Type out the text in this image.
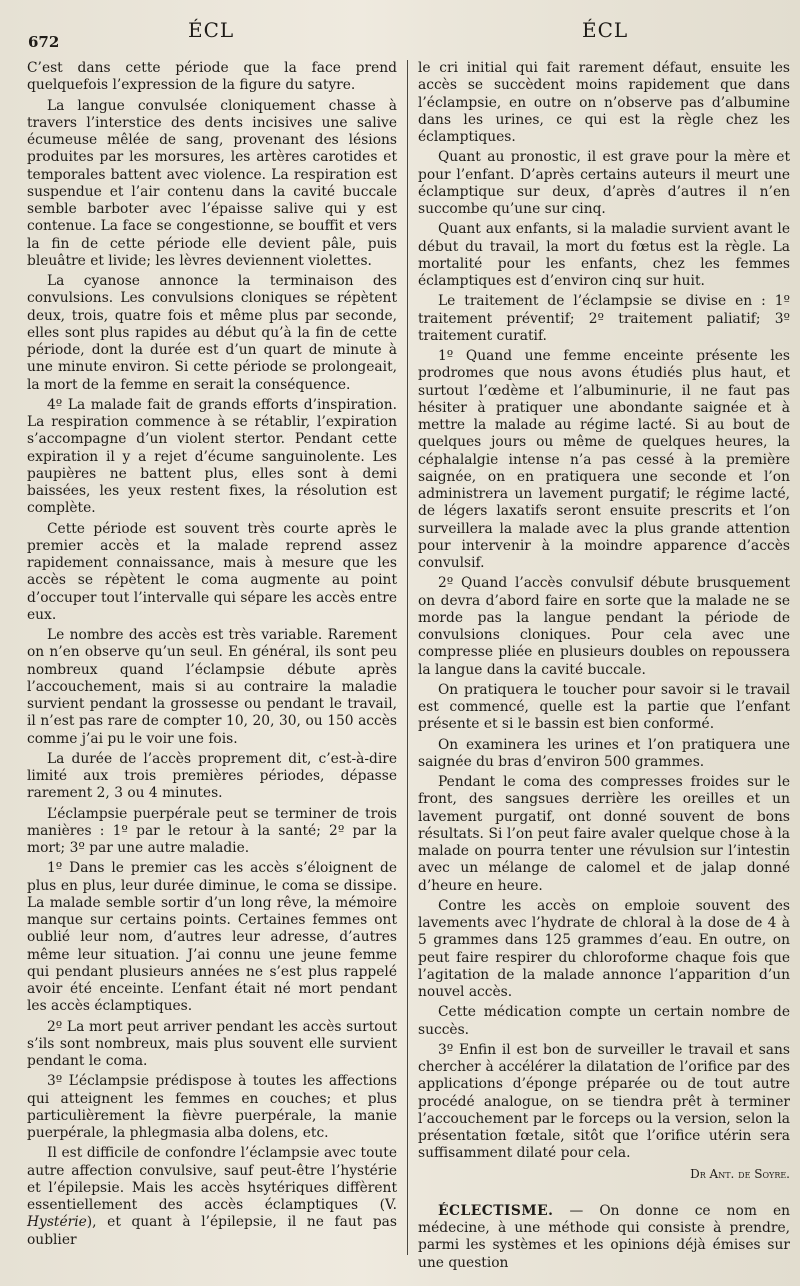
672	ÉCL	ÉCL

C’est dans cette période que la face prend quelquefois l’expression de la figure du satyre.

La langue convulsée cloniquement chasse à travers l’interstice des dents incisives une salive écumeuse mêlée de sang, provenant des lésions produites par les morsures, les artères carotides et temporales battent avec violence. La respiration est suspendue et l’air contenu dans la cavité buccale semble barboter avec l’épaisse salive qui y est contenue. La face se congestionne, se bouffit et vers la fin de cette période elle devient pâle, puis bleuâtre et livide; les lèvres deviennent violettes.

La cyanose annonce la terminaison des convulsions. Les convulsions cloniques se répètent deux, trois, quatre fois et même plus par seconde, elles sont plus rapides au début qu’à la fin de cette période, dont la durée est d’un quart de minute à une minute environ. Si cette période se prolongeait, la mort de la femme en serait la conséquence.

4º La malade fait de grands efforts d’inspiration. La respiration commence à se rétablir, l’expiration s’accompagne d’un violent stertor. Pendant cette expiration il y a rejet d’écume sanguinolente. Les paupières ne battent plus, elles sont à demi baissées, les yeux restent fixes, la résolution est complète.

Cette période est souvent très courte après le premier accès et la malade reprend assez rapidement connaissance, mais à mesure que les accès se répètent le coma augmente au point d’occuper tout l’intervalle qui sépare les accès entre eux.

Le nombre des accès est très variable. Rarement on n’en observe qu’un seul. En général, ils sont peu nombreux quand l’éclampsie débute après l’accouchement, mais si au contraire la maladie survient pendant la grossesse ou pendant le travail, il n’est pas rare de compter 10, 20, 30, ou 150 accès comme j’ai pu le voir une fois.

La durée de l’accès proprement dit, c’est-à-dire limité aux trois premières périodes, dépasse rarement 2, 3 ou 4 minutes.

L’éclampsie puerpérale peut se terminer de trois manières : 1º par le retour à la santé; 2º par la mort; 3º par une autre maladie.

1º Dans le premier cas les accès s’éloignent de plus en plus, leur durée diminue, le coma se dissipe. La malade semble sortir d’un long rêve, la mémoire manque sur certains points. Certaines femmes ont oublié leur nom, d’autres leur adresse, d’autres même leur situation. J’ai connu une jeune femme qui pendant plusieurs années ne s’est plus rappelé avoir été enceinte. L’enfant était né mort pendant les accès éclamptiques.

2º La mort peut arriver pendant les accès surtout s’ils sont nombreux, mais plus souvent elle survient pendant le coma.

3º L’éclampsie prédispose à toutes les affections qui atteignent les femmes en couches; et plus particulièrement la fièvre puerpérale, la manie puerpérale, la phlegmasia alba dolens, etc.

Il est difficile de confondre l’éclampsie avec toute autre affection convulsive, sauf peut-être l’hystérie et l’épilepsie. Mais les accès hsytériques diffèrent essentiellement des accès éclamptiques (V. Hystérie), et quant à l’épilepsie, il ne faut pas oublier

le cri initial qui fait rarement défaut, ensuite les accès se succèdent moins rapidement que dans l’éclampsie, en outre on n’observe pas d’albumine dans les urines, ce qui est la règle chez les éclamptiques.

Quant au pronostic, il est grave pour la mère et pour l’enfant. D’après certains auteurs il meurt une éclamptique sur deux, d’après d’autres il n’en succombe qu’une sur cinq.

Quant aux enfants, si la maladie survient avant le début du travail, la mort du fœtus est la règle. La mortalité pour les enfants, chez les femmes éclamptiques est d’environ cinq sur huit.

Le traitement de l’éclampsie se divise en : 1º traitement préventif; 2º traitement paliatif; 3º traitement curatif.

1º Quand une femme enceinte présente les prodromes que nous avons étudiés plus haut, et surtout l’œdème et l’albuminurie, il ne faut pas hésiter à pratiquer une abondante saignée et à mettre la malade au régime lacté. Si au bout de quelques jours ou même de quelques heures, la céphalalgie intense n’a pas cessé à la première saignée, on en pratiquera une seconde et l’on administrera un lavement purgatif; le régime lacté, de légers laxatifs seront ensuite prescrits et l’on surveillera la malade avec la plus grande attention pour intervenir à la moindre apparence d’accès convulsif.

2º Quand l’accès convulsif débute brusquement on devra d’abord faire en sorte que la malade ne se morde pas la langue pendant la période de convulsions cloniques. Pour cela avec une compresse pliée en plusieurs doubles on repoussera la langue dans la cavité buccale.

On pratiquera le toucher pour savoir si le travail est commencé, quelle est la partie que l’enfant présente et si le bassin est bien conformé.

On examinera les urines et l’on pratiquera une saignée du bras d’environ 500 grammes.

Pendant le coma des compresses froides sur le front, des sangsues derrière les oreilles et un lavement purgatif, ont donné souvent de bons résultats. Si l’on peut faire avaler quelque chose à la malade on pourra tenter une révulsion sur l’intestin avec un mélange de calomel et de jalap donné d’heure en heure.

Contre les accès on emploie souvent des lavements avec l’hydrate de chloral à la dose de 4 à 5 grammes dans 125 grammes d’eau. En outre, on peut faire respirer du chloroforme chaque fois que l’agitation de la malade annonce l’apparition d’un nouvel accès.

Cette médication compte un certain nombre de succès.

3º Enfin il est bon de surveiller le travail et sans chercher à accélérer la dilatation de l’orifice par des applications d’éponge préparée ou de tout autre procédé analogue, on se tiendra prêt à terminer l’accouchement par le forceps ou la version, selon la présentation fœtale, sitôt que l’orifice utérin sera suffisamment dilaté pour cela.

Dr Ant. de Soyre.

ÉCLECTISME. — On donne ce nom en médecine, à une méthode qui consiste à prendre, parmi les systèmes et les opinions déjà émises sur une question
